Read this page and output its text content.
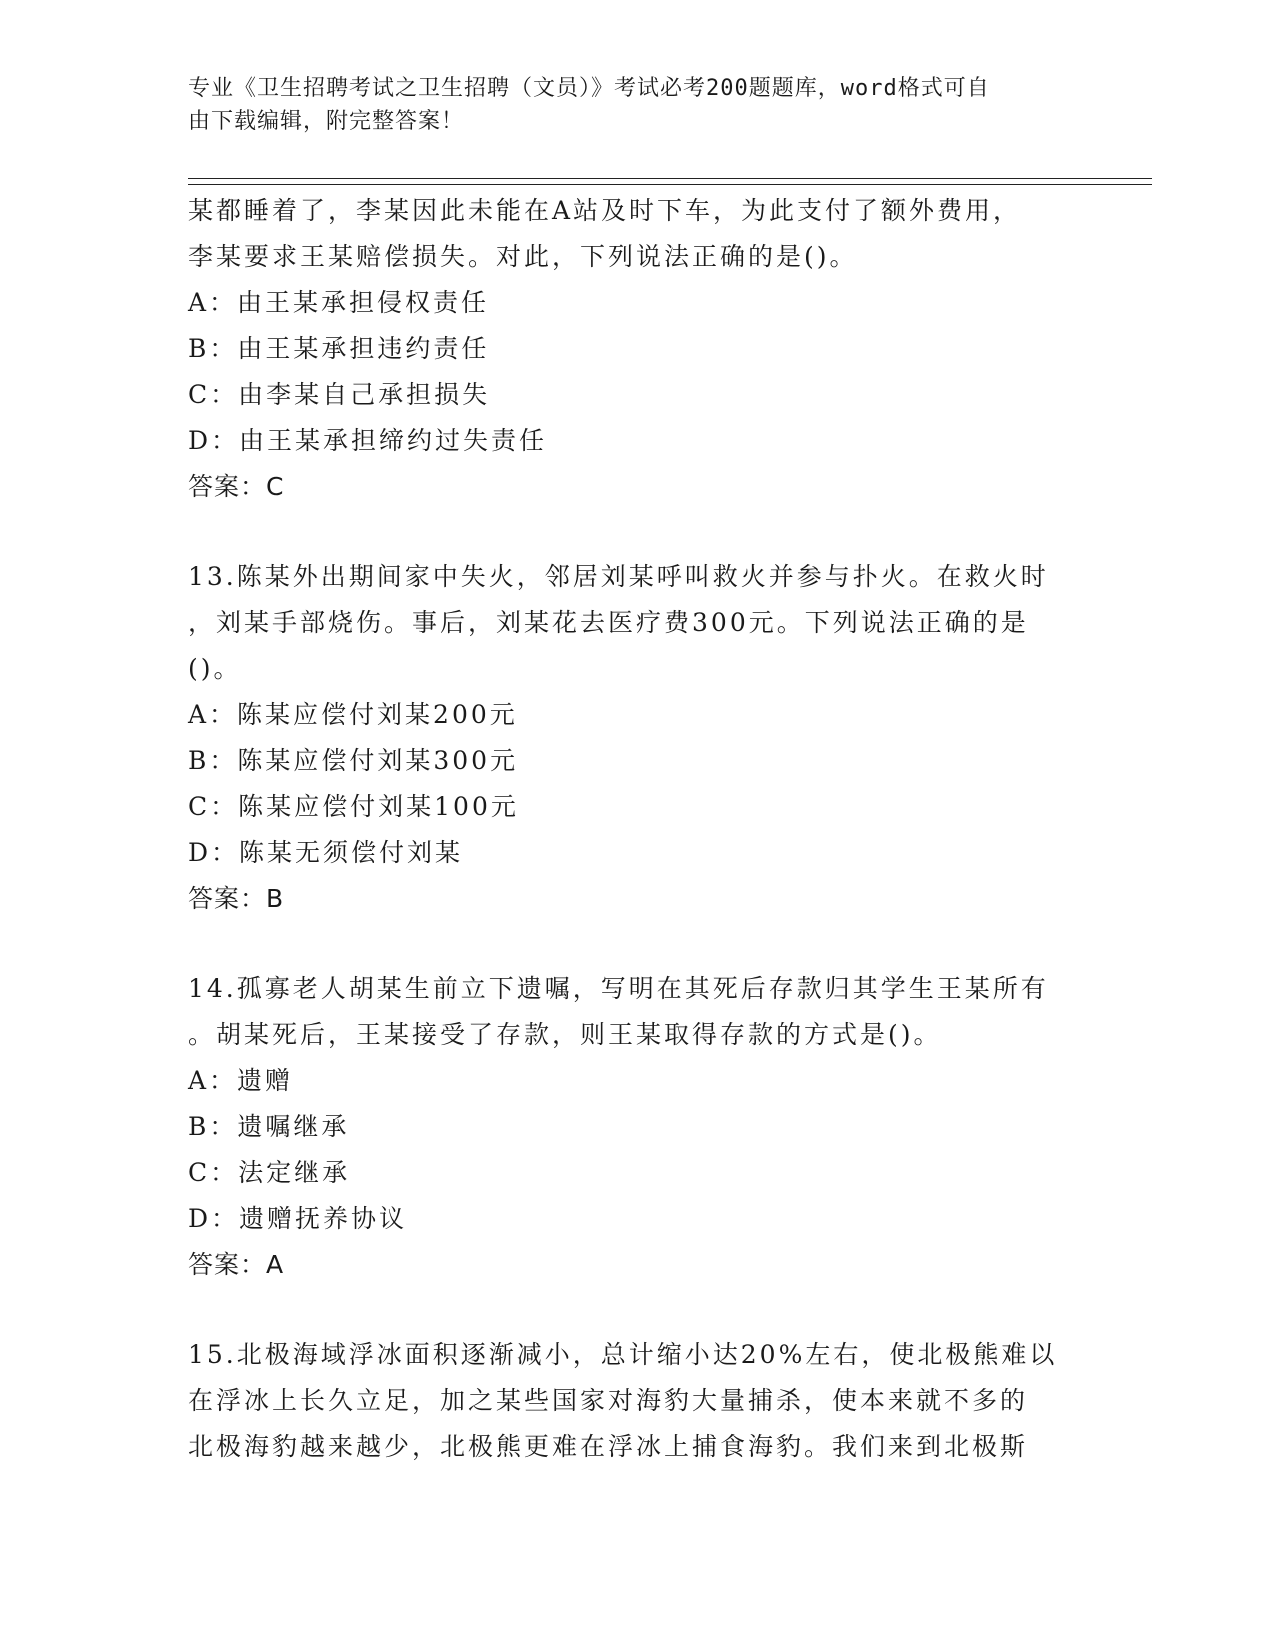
专业《卫生招聘考试之卫生招聘（文员）》考试必考200题题库，word格式可自
由下载编辑，附完整答案！
某都睡着了，李某因此未能在A站及时下车，为此支付了额外费用，
李某要求王某赔偿损失。对此，下列说法正确的是()。
A：由王某承担侵权责任
B：由王某承担违约责任
C：由李某自己承担损失
D：由王某承担缔约过失责任
答案：C
13.陈某外出期间家中失火，邻居刘某呼叫救火并参与扑火。在救火时
，刘某手部烧伤。事后，刘某花去医疗费300元。下列说法正确的是
()。
A：陈某应偿付刘某200元
B：陈某应偿付刘某300元
C：陈某应偿付刘某100元
D：陈某无须偿付刘某
答案：B
14.孤寡老人胡某生前立下遗嘱，写明在其死后存款归其学生王某所有
。胡某死后，王某接受了存款，则王某取得存款的方式是()。
A：遗赠
B：遗嘱继承
C：法定继承
D：遗赠抚养协议
答案：A
15.北极海域浮冰面积逐渐减小，总计缩小达20%左右，使北极熊难以
在浮冰上长久立足，加之某些国家对海豹大量捕杀，使本来就不多的
北极海豹越来越少，北极熊更难在浮冰上捕食海豹。我们来到北极斯
